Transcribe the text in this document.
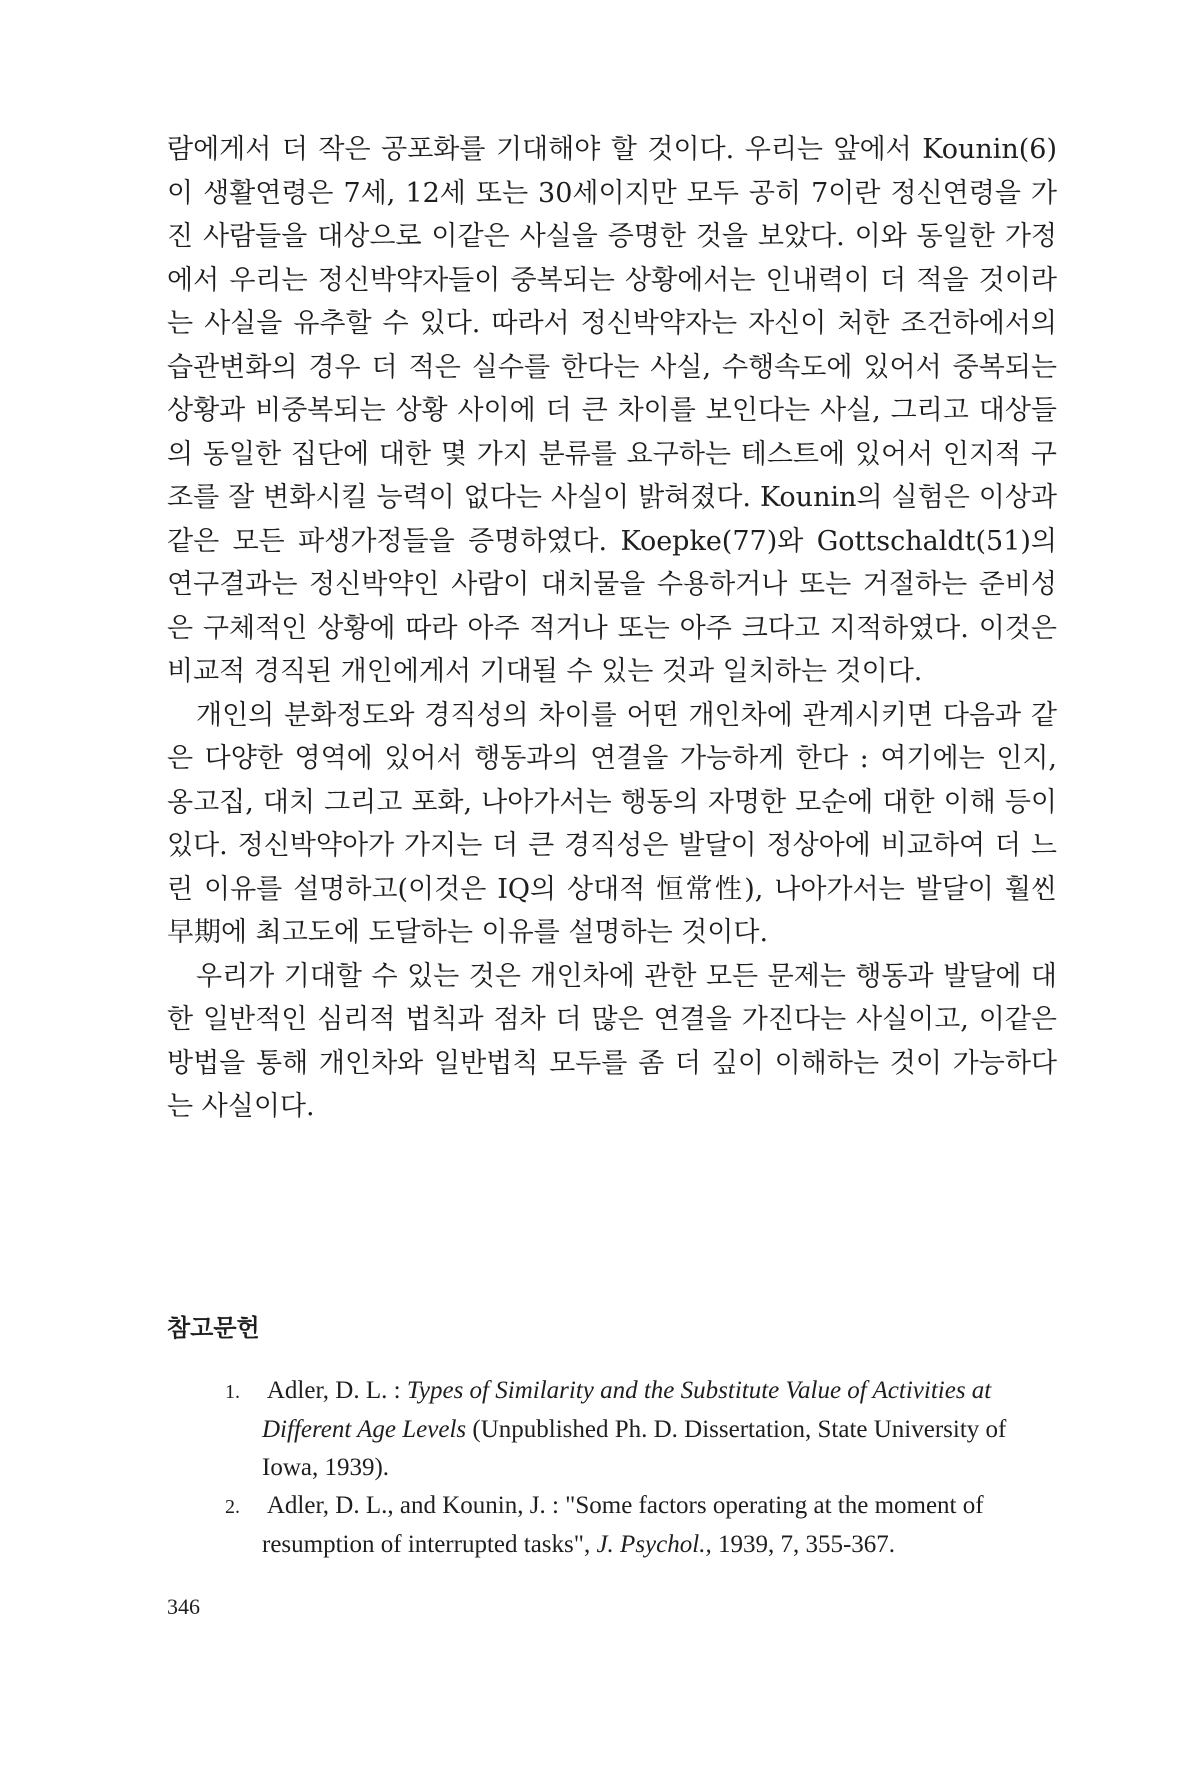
람에게서 더 작은 공포화를 기대해야 할 것이다. 우리는 앞에서 Kounin(6)이 생활연령은 7세, 12세 또는 30세이지만 모두 공히 7이란 정신연령을 가진 사람들을 대상으로 이같은 사실을 증명한 것을 보았다. 이와 동일한 가정에서 우리는 정신박약자들이 중복되는 상황에서는 인내력이 더 적을 것이라는 사실을 유추할 수 있다. 따라서 정신박약자는 자신이 처한 조건하에서의 습관변화의 경우 더 적은 실수를 한다는 사실, 수행속도에 있어서 중복되는 상황과 비중복되는 상황 사이에 더 큰 차이를 보인다는 사실, 그리고 대상들의 동일한 집단에 대한 몇 가지 분류를 요구하는 테스트에 있어서 인지적 구조를 잘 변화시킬 능력이 없다는 사실이 밝혀졌다. Kounin의 실험은 이상과 같은 모든 파생가정들을 증명하였다. Koepke(77)와 Gottschaldt(51)의 연구결과는 정신박약인 사람이 대치물을 수용하거나 또는 거절하는 준비성은 구체적인 상황에 따라 아주 적거나 또는 아주 크다고 지적하였다. 이것은 비교적 경직된 개인에게서 기대될 수 있는 것과 일치하는 것이다.

개인의 분화정도와 경직성의 차이를 어떤 개인차에 관계시키면 다음과 같은 다양한 영역에 있어서 행동과의 연결을 가능하게 한다 : 여기에는 인지, 옹고집, 대치 그리고 포화, 나아가서는 행동의 자명한 모순에 대한 이해 등이 있다. 정신박약아가 가지는 더 큰 경직성은 발달이 정상아에 비교하여 더 느린 이유를 설명하고(이것은 IQ의 상대적 恒常性), 나아가서는 발달이 훨씬 早期에 최고도에 도달하는 이유를 설명하는 것이다.

우리가 기대할 수 있는 것은 개인차에 관한 모든 문제는 행동과 발달에 대한 일반적인 심리적 법칙과 점차 더 많은 연결을 가진다는 사실이고, 이같은 방법을 통해 개인차와 일반법칙 모두를 좀 더 깊이 이해하는 것이 가능하다는 사실이다.

참고문헌
1. Adler, D. L. : Types of Similarity and the Substitute Value of Activities at Different Age Levels (Unpublished Ph. D. Dissertation, State University of Iowa, 1939).
2. Adler, D. L., and Kounin, J. : "Some factors operating at the moment of resumption of interrupted tasks", J. Psychol., 1939, 7, 355-367.

346
